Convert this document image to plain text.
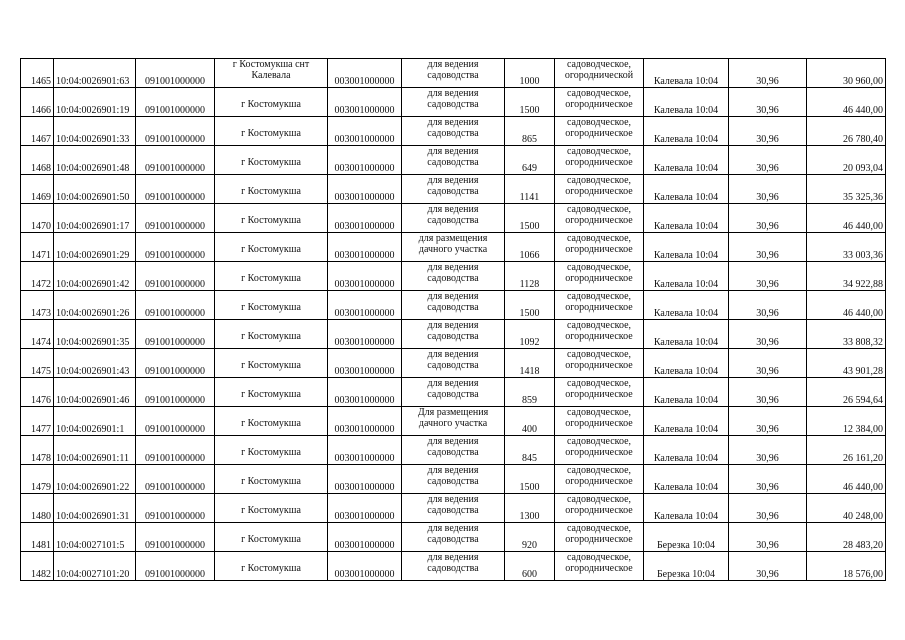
1465	10:04:0026901:63	091001000000	г Костомукша снт
Калевала	003001000000	для ведения
садоводства	1000	садоводческое,
огороднической	Калевала 10:04	30,96	30 960,00
1466	10:04:0026901:19	091001000000	г Костомукша	003001000000	для ведения
садоводства	1500	садоводческое,
огородническое	Калевала 10:04	30,96	46 440,00
1467	10:04:0026901:33	091001000000	г Костомукша	003001000000	для ведения
садоводства	865	садоводческое,
огородническое	Калевала 10:04	30,96	26 780,40
1468	10:04:0026901:48	091001000000	г Костомукша	003001000000	для ведения
садоводства	649	садоводческое,
огородническое	Калевала 10:04	30,96	20 093,04
1469	10:04:0026901:50	091001000000	г Костомукша	003001000000	для ведения
садоводства	1141	садоводческое,
огородническое	Калевала 10:04	30,96	35 325,36
1470	10:04:0026901:17	091001000000	г Костомукша	003001000000	для ведения
садоводства	1500	садоводческое,
огородническое	Калевала 10:04	30,96	46 440,00
1471	10:04:0026901:29	091001000000	г Костомукша	003001000000	для размещения
дачного участка	1066	садоводческое,
огородническое	Калевала 10:04	30,96	33 003,36
1472	10:04:0026901:42	091001000000	г Костомукша	003001000000	для ведения
садоводства	1128	садоводческое,
огородническое	Калевала 10:04	30,96	34 922,88
1473	10:04:0026901:26	091001000000	г Костомукша	003001000000	для ведения
садоводства	1500	садоводческое,
огородническое	Калевала 10:04	30,96	46 440,00
1474	10:04:0026901:35	091001000000	г Костомукша	003001000000	для ведения
садоводства	1092	садоводческое,
огородническое	Калевала 10:04	30,96	33 808,32
1475	10:04:0026901:43	091001000000	г Костомукша	003001000000	для ведения
садоводства	1418	садоводческое,
огородническое	Калевала 10:04	30,96	43 901,28
1476	10:04:0026901:46	091001000000	г Костомукша	003001000000	для ведения
садоводства	859	садоводческое,
огородническое	Калевала 10:04	30,96	26 594,64
1477	10:04:0026901:1	091001000000	г Костомукша	003001000000	Для размещения
дачного участка	400	садоводческое,
огородническое	Калевала 10:04	30,96	12 384,00
1478	10:04:0026901:11	091001000000	г Костомукша	003001000000	для ведения
садоводства	845	садоводческое,
огородническое	Калевала 10:04	30,96	26 161,20
1479	10:04:0026901:22	091001000000	г Костомукша	003001000000	для ведения
садоводства	1500	садоводческое,
огородническое	Калевала 10:04	30,96	46 440,00
1480	10:04:0026901:31	091001000000	г Костомукша	003001000000	для ведения
садоводства	1300	садоводческое,
огородническое	Калевала 10:04	30,96	40 248,00
1481	10:04:0027101:5	091001000000	г Костомукша	003001000000	для ведения
садоводства	920	садоводческое,
огородническое	Березка 10:04	30,96	28 483,20
1482	10:04:0027101:20	091001000000	г Костомукша	003001000000	для ведения
садоводства	600	садоводческое,
огородническое	Березка 10:04	30,96	18 576,00
